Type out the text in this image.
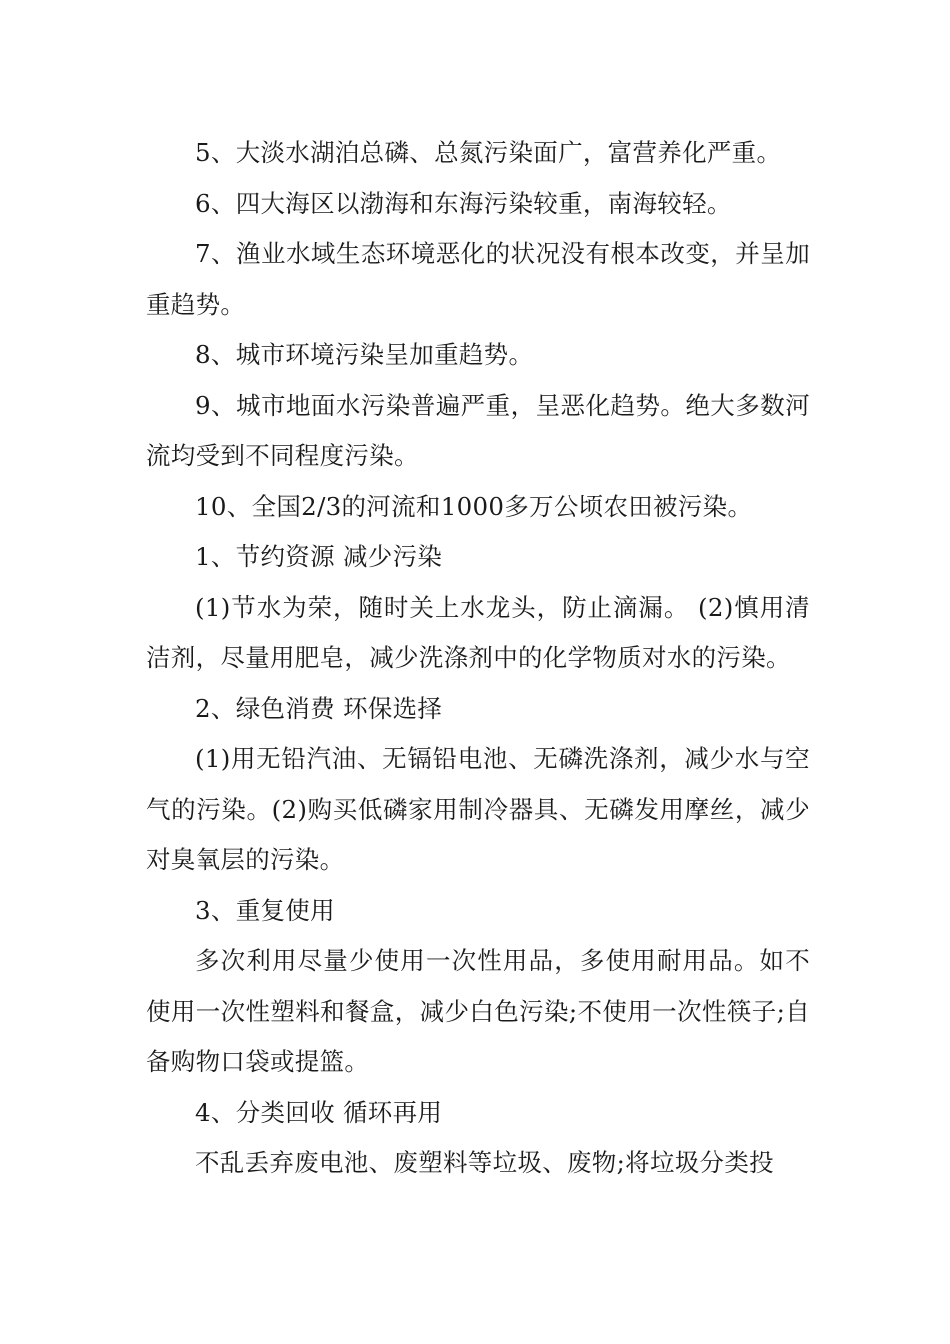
5、大淡水湖泊总磷、总氮污染面广，富营养化严重。

6、四大海区以渤海和东海污染较重，南海较轻。

7、渔业水域生态环境恶化的状况没有根本改变，并呈加重趋势。

8、城市环境污染呈加重趋势。

9、城市地面水污染普遍严重，呈恶化趋势。绝大多数河流均受到不同程度污染。

10、全国2/3的河流和1000多万公顷农田被污染。

1、节约资源 减少污染

(1)节水为荣，随时关上水龙头，防止滴漏。 (2)慎用清洁剂，尽量用肥皂，减少洗涤剂中的化学物质对水的污染。

2、绿色消费 环保选择

(1)用无铅汽油、无镉铅电池、无磷洗涤剂，减少水与空气的污染。(2)购买低磷家用制冷器具、无磷发用摩丝，减少对臭氧层的污染。

3、重复使用

多次利用尽量少使用一次性用品，多使用耐用品。如不使用一次性塑料和餐盒，减少白色污染;不使用一次性筷子;自备购物口袋或提篮。

4、分类回收 循环再用

不乱丢弃废电池、废塑料等垃圾、废物;将垃圾分类投
